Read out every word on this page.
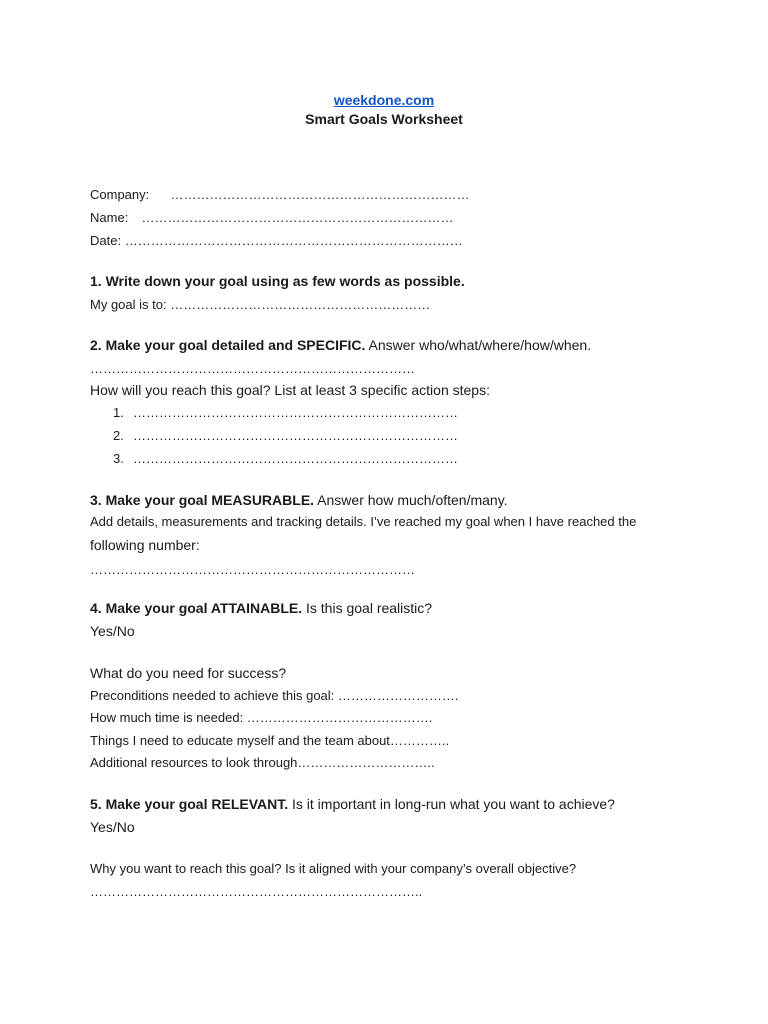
weekdone.com
Smart Goals Worksheet
Company: ……………………………………………………………
Name: ………………………………………………………………
Date: ……………………………………………………………………
1. Write down your goal using as few words as possible.
My goal is to: ……………………………………………………
2. Make your goal detailed and SPECIFIC. Answer who/what/where/how/when.
…………………………………………………………………
How will you reach this goal? List at least 3 specific action steps:
1. …………………………………………………………………
2. …………………………………………………………………
3. …………………………………………………………………
3. Make your goal MEASURABLE. Answer how much/often/many.
Add details, measurements and tracking details. I’ve reached my goal when I have reached the
following number:
…………………………………………………………………
4. Make your goal ATTAINABLE. Is this goal realistic?
Yes/No
What do you need for success?
Preconditions needed to achieve this goal: ……………………….
How much time is needed: …………………………………….
Things I need to educate myself and the team about…………..
Additional resources to look through…………………………..
5. Make your goal RELEVANT. Is it important in long-run what you want to achieve?
Yes/No
Why you want to reach this goal? Is it aligned with your company’s overall objective?
…………………………………………………………………..
